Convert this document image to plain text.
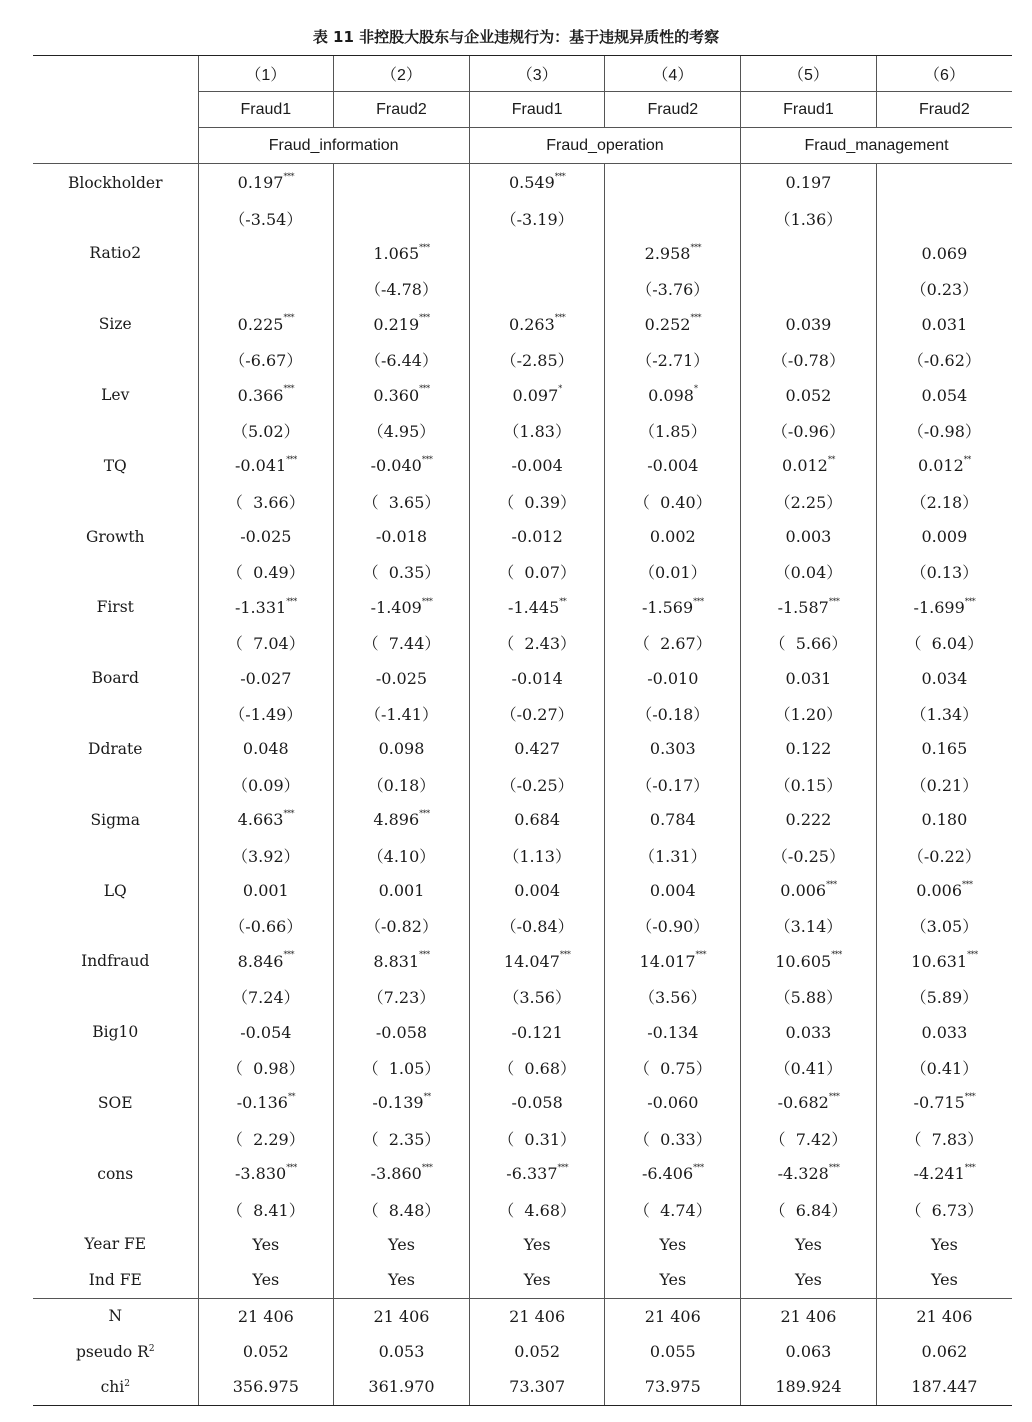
表 11 非控股大股东与企业违规行为：基于违规异质性的考察
	（1）	（2）	（3）	（4）	（5）	（6）
	Fraud1	Fraud2	Fraud1	Fraud2	Fraud1	Fraud2
	Fraud_information		Fraud_operation		Fraud_management	
Blockholder	0.197***		0.549***		0.197	
	（-3.54）		（-3.19）		（1.36）	
Ratio2		1.065***		2.958***		0.069
		（-4.78）		（-3.76）		（0.23）
Size	0.225***	0.219***	0.263***	0.252***	0.039	0.031
	（-6.67）	（-6.44）	（-2.85）	（-2.71）	（-0.78）	（-0.62）
Lev	0.366***	0.360***	0.097*	0.098*	0.052	0.054
	（5.02）	（4.95）	（1.83）	（1.85）	（-0.96）	（-0.98）
TQ	-0.041***	-0.040***	-0.004	-0.004	0.012**	0.012**
	（  3.66）	（  3.65）	（  0.39）	（  0.40）	（2.25）	（2.18）
Growth	-0.025	-0.018	-0.012	0.002	0.003	0.009
	（  0.49）	（  0.35）	（  0.07）	（0.01）	（0.04）	（0.13）
First	-1.331***	-1.409***	-1.445**	-1.569***	-1.587***	-1.699***
	（  7.04）	（  7.44）	（  2.43）	（  2.67）	（  5.66）	（  6.04）
Board	-0.027	-0.025	-0.014	-0.010	0.031	0.034
	（-1.49）	（-1.41）	（-0.27）	（-0.18）	（1.20）	（1.34）
Ddrate	0.048	0.098	0.427	0.303	0.122	0.165
	（0.09）	（0.18）	（-0.25）	（-0.17）	（0.15）	（0.21）
Sigma	4.663***	4.896***	0.684	0.784	0.222	0.180
	（3.92）	（4.10）	（1.13）	（1.31）	（-0.25）	（-0.22）
LQ	0.001	0.001	0.004	0.004	0.006***	0.006***
	（-0.66）	（-0.82）	（-0.84）	（-0.90）	（3.14）	（3.05）
Indfraud	8.846***	8.831***	14.047***	14.017***	10.605***	10.631***
	（7.24）	（7.23）	（3.56）	（3.56）	（5.88）	（5.89）
Big10	-0.054	-0.058	-0.121	-0.134	0.033	0.033
	（  0.98）	（  1.05）	（  0.68）	（  0.75）	（0.41）	（0.41）
SOE	-0.136**	-0.139**	-0.058	-0.060	-0.682***	-0.715***
	（  2.29）	（  2.35）	（  0.31）	（  0.33）	（  7.42）	（  7.83）
cons	-3.830***	-3.860***	-6.337***	-6.406***	-4.328***	-4.241***
	（  8.41）	（  8.48）	（  4.68）	（  4.74）	（  6.84）	（  6.73）
Year FE	Yes	Yes	Yes	Yes	Yes	Yes
Ind FE	Yes	Yes	Yes	Yes	Yes	Yes
N	21 406	21 406	21 406	21 406	21 406	21 406
pseudo $R^2$	0.052	0.053	0.052	0.055	0.063	0.062
chi$^2$	356.975	361.970	73.307	73.975	189.924	187.447
